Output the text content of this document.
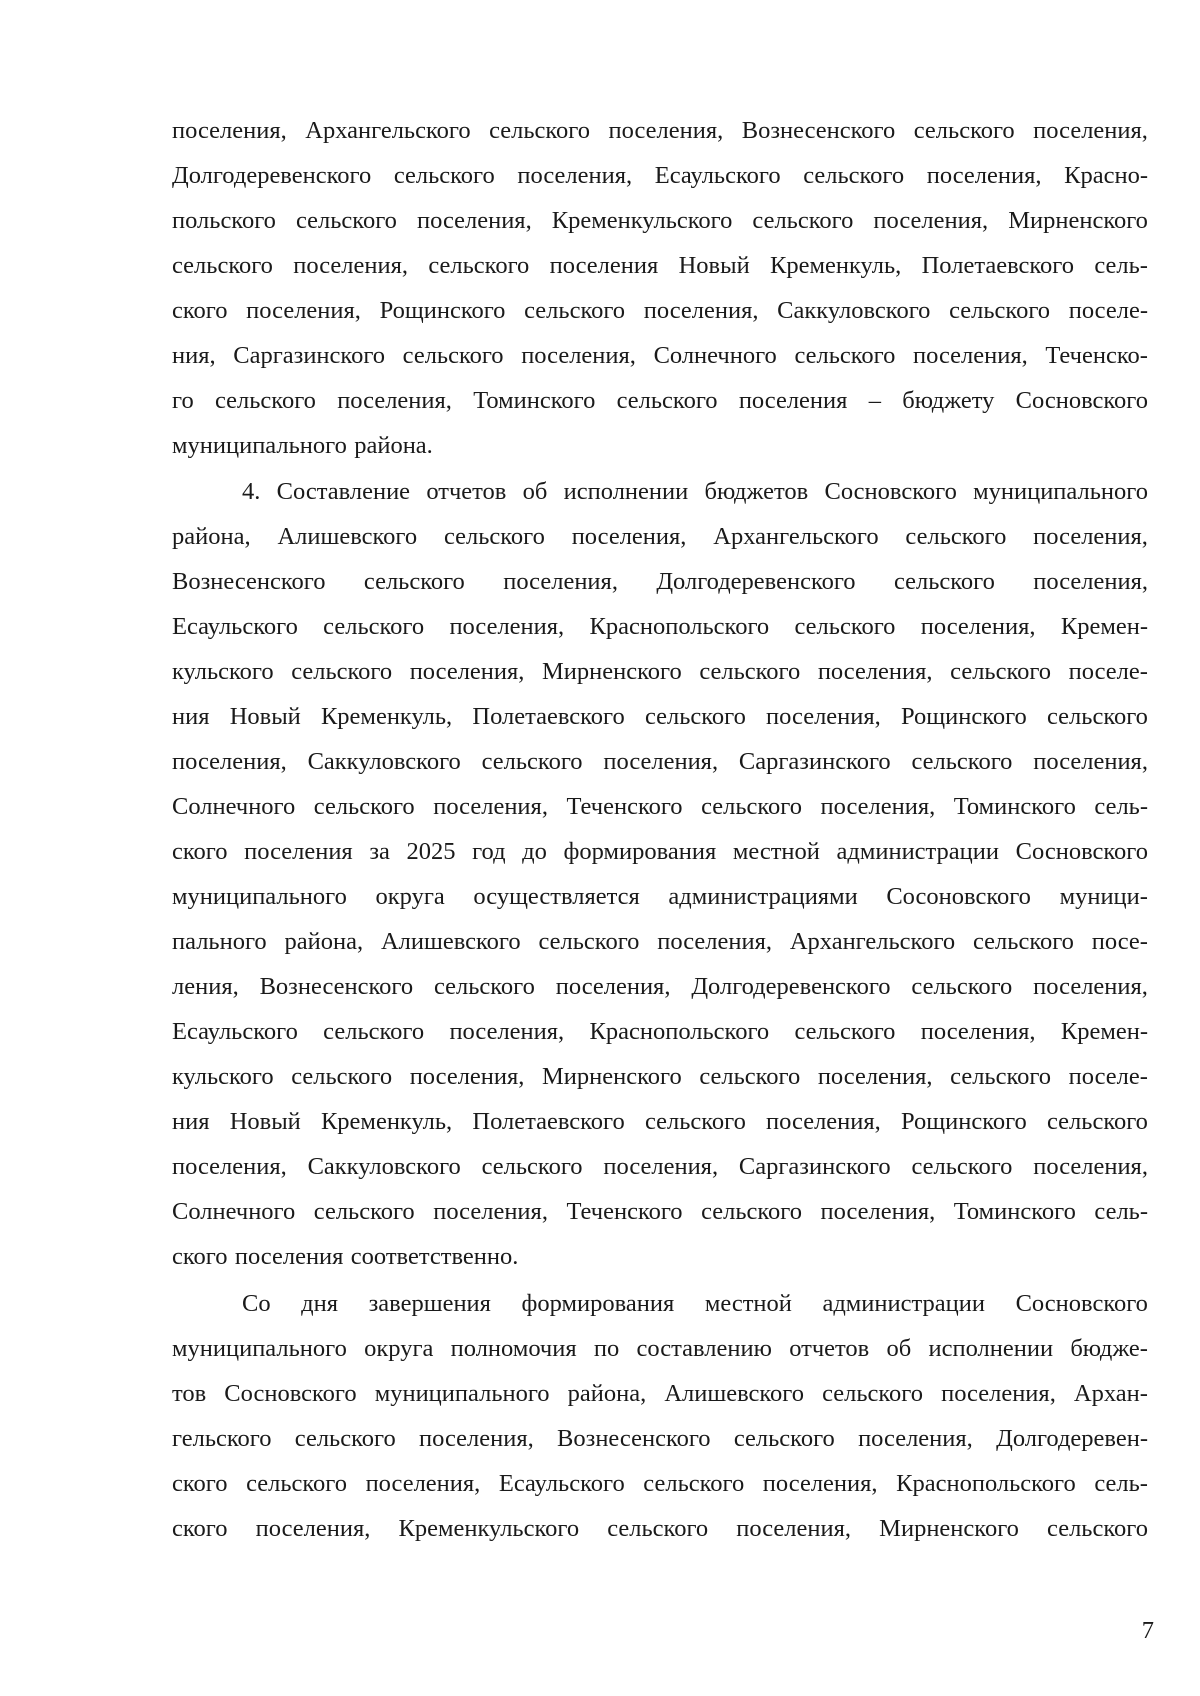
поселения, Архангельского сельского поселения, Вознесенского сельского поселения,
Долгодеревенского сельского поселения, Есаульского сельского поселения, Красно-
польского сельского поселения, Кременкульского сельского поселения, Мирненского
сельского поселения, сельского поселения Новый Кременкуль, Полетаевского сель-
ского поселения, Рощинского сельского поселения, Саккуловского сельского поселе-
ния, Саргазинского сельского поселения, Солнечного сельского поселения, Теченско-
го сельского поселения, Томинского сельского поселения – бюджету Сосновского
муниципального района.
4. Составление отчетов об исполнении бюджетов Сосновского муниципального
района, Алишевского сельского поселения, Архангельского сельского поселения,
Вознесенского сельского поселения, Долгодеревенского сельского поселения,
Есаульского сельского поселения, Краснопольского сельского поселения, Кремен-
кульского сельского поселения, Мирненского сельского поселения, сельского поселе-
ния Новый Кременкуль, Полетаевского сельского поселения, Рощинского сельского
поселения, Саккуловского сельского поселения, Саргазинского сельского поселения,
Солнечного сельского поселения, Теченского сельского поселения, Томинского сель-
ского поселения за 2025 год до формирования местной администрации Сосновского
муниципального округа осуществляется администрациями Сосоновского муници-
пального района, Алишевского сельского поселения, Архангельского сельского посе-
ления, Вознесенского сельского поселения, Долгодеревенского сельского поселения,
Есаульского сельского поселения, Краснопольского сельского поселения, Кремен-
кульского сельского поселения, Мирненского сельского поселения, сельского поселе-
ния Новый Кременкуль, Полетаевского сельского поселения, Рощинского сельского
поселения, Саккуловского сельского поселения, Саргазинского сельского поселения,
Солнечного сельского поселения, Теченского сельского поселения, Томинского сель-
ского поселения соответственно.
Со дня завершения формирования местной администрации Сосновского
муниципального округа полномочия по составлению отчетов об исполнении бюдже-
тов Сосновского муниципального района, Алишевского сельского поселения, Архан-
гельского сельского поселения, Вознесенского сельского поселения, Долгодеревен-
ского сельского поселения, Есаульского сельского поселения, Краснопольского сель-
ского поселения, Кременкульского сельского поселения, Мирненского сельского
7
